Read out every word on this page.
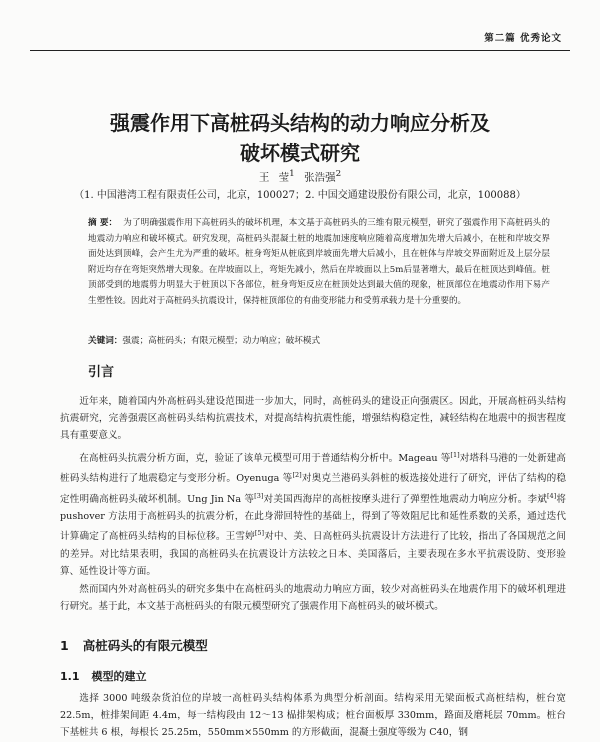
第二篇 优秀论文
强震作用下高桩码头结构的动力响应分析及
破坏模式研究
王 莹$^1$ 张浩强$^2$
（1. 中国港湾工程有限责任公司，北京，100027；2. 中国交通建设股份有限公司，北京，100088）
摘 要： 为了明确强震作用下高桩码头的破坏机理，本文基于高桩码头的三维有限元模型，研究了强震作用下高桩码头的地震动力响应和破坏模式。研究发现，高桩码头混凝土桩的地震加速度响应随着高度增加先增大后减小，在桩和岸坡交界面处达到顶峰，会产生尤为严重的破坏。桩身弯矩从桩底到岸坡面先增大后减小，且在桩体与岸坡交界面附近及上层分层附近均存在弯矩突然增大现象。在岸坡面以上，弯矩先减小，然后在岸坡面以上5m后显著增大，最后在桩顶达到峰值。桩顶部受到的地震剪力明显大于桩顶以下各部位，桩身弯矩反应在桩顶处达到最大值的现象，桩顶部位在地震动作用下易产生塑性铰。因此对于高桩码头抗震设计，保持桩顶部位的有曲变形能力和受剪承载力是十分重要的。
关键词：强震；高桩码头；有限元模型；动力响应；破坏模式
引言
近年来，随着国内外高桩码头建设范围进一步加大，同时，高桩码头的建设正向强震区。因此，开展高桩码头结构抗震研究，完善强震区高桩码头结构抗震技术，对提高结构抗震性能，增强结构稳定性，减轻结构在地震中的损害程度具有重要意义。
在高桩码头抗震分析方面，克，验证了该单元模型可用于普通结构分析中。Mageau 等[1]对塔科马港的一处新建高桩码头结构进行了地震稳定与变形分析。Oyenuga 等[2]对奥克兰港码头斜桩的板选接处进行了研究，评估了结构的稳定性明确高桩码头破坏机制。Ung Jin Na 等[3]对美国西海岸的高桩按摩头进行了弹塑性地震动力响应分析。李斌[4]将 pushover 方法用于高桩码头的抗震分析，在此身滞回特性的基础上，得到了等效阻尼比和延性系数的关系，通过迭代计算确定了高桩码头结构的目标位移。王雪婷[5]对中、美、日高桩码头抗震设计方法进行了比较，指出了各国规范之间的差异。对比结果表明，我国的高桩码头在抗震设计方法较之日本、美国落后，主要表现在多水平抗震设防、变形验算、延性设计等方面。
然而国内外对高桩码头的研究多集中在高桩码头的地震动力响应方面，较少对高桩码头在地震作用下的破坏机理进行研究。基于此，本文基于高桩码头的有限元模型研究了强震作用下高桩码头的破坏模式。
1 高桩码头的有限元模型
1.1 模型的建立
选择 3000 吨级杂货泊位的岸坡一高桩码头结构体系为典型分析剖面。结构采用无梁面板式高桩结构，桩台宽 22.5m，桩排架间距 4.4m，每一结构段由 12～13 榀排架构成；桩台面板厚 330mm，路面及磨耗层 70mm。桩台下基桩共 6 根，每根长 25.25m，550mm×550mm 的方形截面，混凝土强度等级为 C40，钢
